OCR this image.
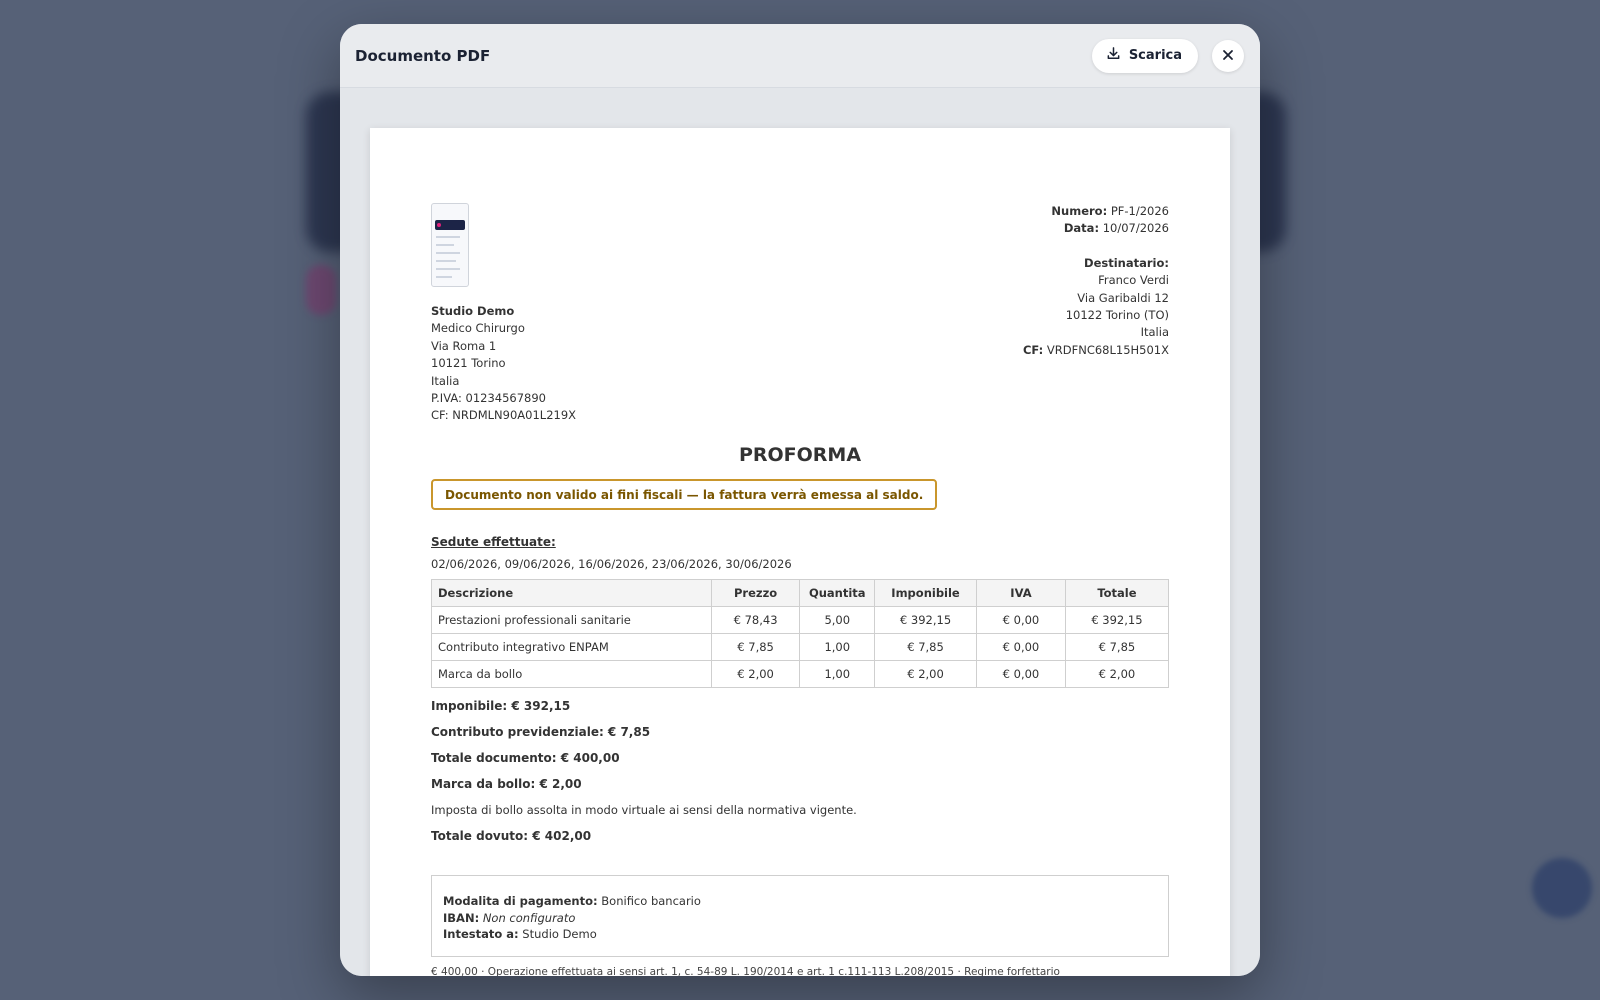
Documento PDF	Scarica
Studio Demo
Medico Chirurgo
Via Roma 1
10121 Torino
Italia
P.IVA: 01234567890
CF: NRDMLN90A01L219X
Numero: PF-1/2026
Data: 10/07/2026
Destinatario:
Franco Verdi
Via Garibaldi 12
10122 Torino (TO)
Italia
CF: VRDFNC68L15H501X
PROFORMA
Documento non valido ai fini fiscali — la fattura verrà emessa al saldo.
Sedute effettuate:
02/06/2026, 09/06/2026, 16/06/2026, 23/06/2026, 30/06/2026
Descrizione	Prezzo	Quantita	Imponibile	IVA	Totale
Prestazioni professionali sanitarie	€ 78,43	5,00	€ 392,15	€ 0,00	€ 392,15
Contributo integrativo ENPAM	€ 7,85	1,00	€ 7,85	€ 0,00	€ 7,85
Marca da bollo	€ 2,00	1,00	€ 2,00	€ 0,00	€ 2,00
Imponibile: € 392,15
Contributo previdenziale: € 7,85
Totale documento: € 400,00
Marca da bollo: € 2,00
Imposta di bollo assolta in modo virtuale ai sensi della normativa vigente.
Totale dovuto: € 402,00
Modalita di pagamento: Bonifico bancario
IBAN: Non configurato
Intestato a: Studio Demo
€ 400,00 · Operazione effettuata ai sensi art. 1, c. 54-89 L. 190/2014 e art. 1 c.111-113 L.208/2015 · Regime forfettario
